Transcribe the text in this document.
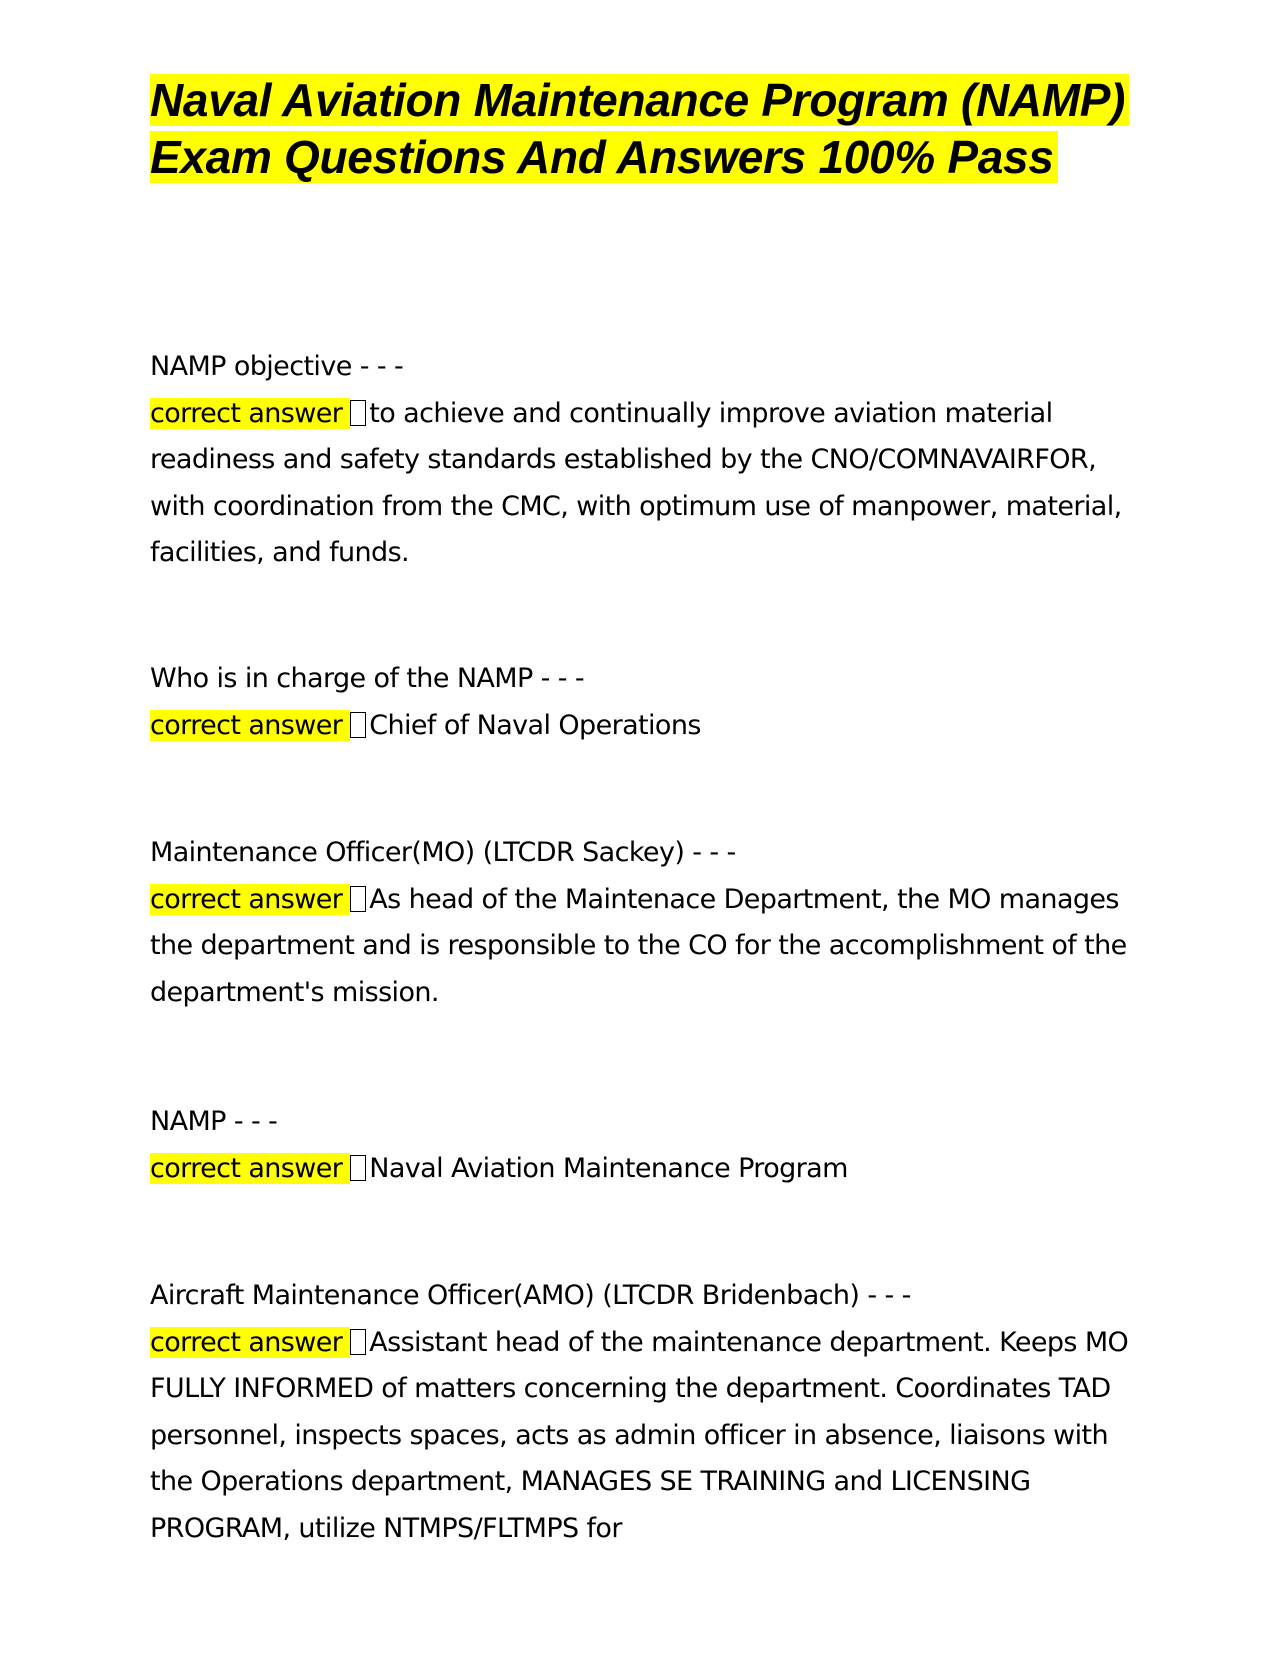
Naval Aviation Maintenance Program (NAMP) Exam Questions And Answers 100% Pass

NAMP objective - - -

correct answer to achieve and continually improve aviation material readiness and safety standards established by the CNO/COMNAVAIRFOR, with coordination from the CMC, with optimum use of manpower, material, facilities, and funds.

Who is in charge of the NAMP - - -

correct answer Chief of Naval Operations

Maintenance Officer(MO) (LTCDR Sackey) - - -

correct answer As head of the Maintenace Department, the MO manages the department and is responsible to the CO for the accomplishment of the department's mission.

NAMP - - -

correct answer Naval Aviation Maintenance Program

Aircraft Maintenance Officer(AMO) (LTCDR Bridenbach) - - -

correct answer Assistant head of the maintenance department. Keeps MO FULLY INFORMED of matters concerning the department. Coordinates TAD personnel, inspects spaces, acts as admin officer in absence, liaisons with the Operations department, MANAGES SE TRAINING and LICENSING PROGRAM, utilize NTMPS/FLTMPS for
